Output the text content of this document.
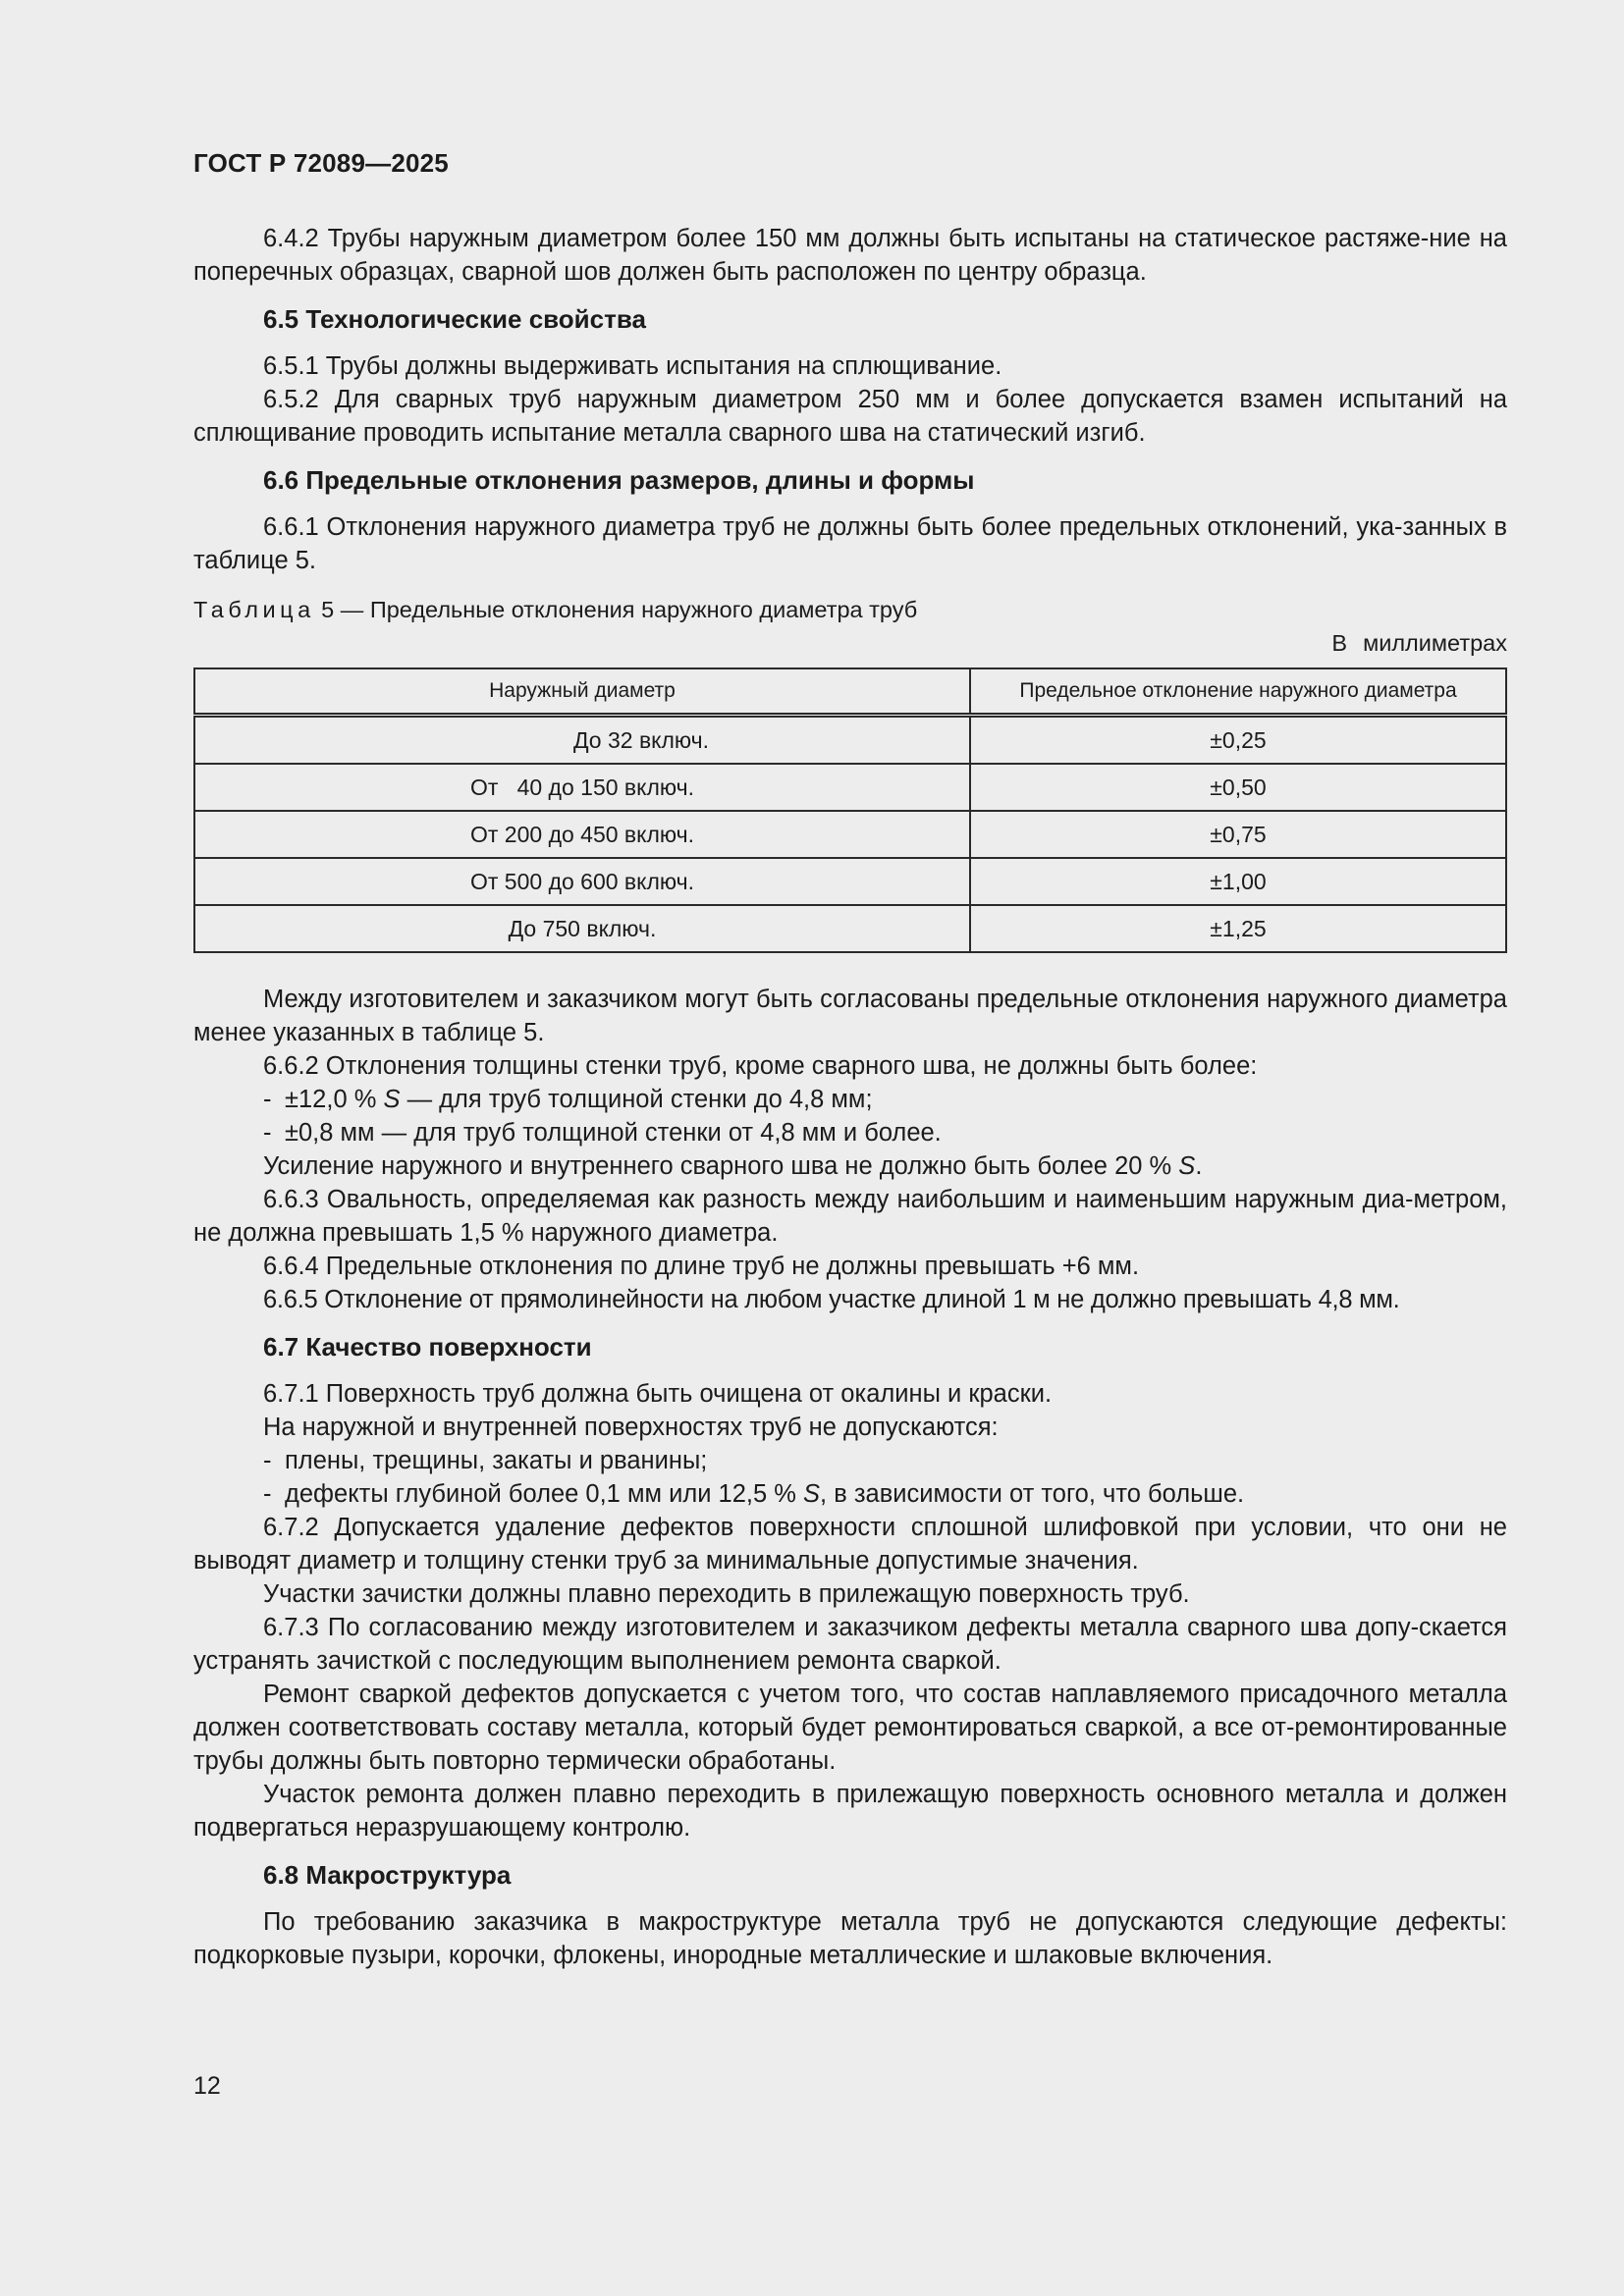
ГОСТ Р 72089—2025

6.4.2 Трубы наружным диаметром более 150 мм должны быть испытаны на статическое растяже-ние на поперечных образцах, сварной шов должен быть расположен по центру образца.

6.5 Технологические свойства

6.5.1 Трубы должны выдерживать испытания на сплющивание.

6.5.2 Для сварных труб наружным диаметром 250 мм и более допускается взамен испытаний на сплющивание проводить испытание металла сварного шва на статический изгиб.

6.6 Предельные отклонения размеров, длины и формы

6.6.1 Отклонения наружного диаметра труб не должны быть более предельных отклонений, ука-занных в таблице 5.

Таблица 5 — Предельные отклонения наружного диаметра труб

В миллиметрах
Наружный диаметр	Предельное отклонение наружного диаметра
До 32 включ.	±0,25
От   40 до 150 включ.	±0,50
От 200 до 450 включ.	±0,75
От 500 до 600 включ.	±1,00
До 750 включ.	±1,25

Между изготовителем и заказчиком могут быть согласованы предельные отклонения наружного диаметра менее указанных в таблице 5.

6.6.2 Отклонения толщины стенки труб, кроме сварного шва, не должны быть более:

- ±12,0 % S — для труб толщиной стенки до 4,8 мм;

- ±0,8 мм — для труб толщиной стенки от 4,8 мм и более.

Усиление наружного и внутреннего сварного шва не должно быть более 20 % S.

6.6.3 Овальность, определяемая как разность между наибольшим и наименьшим наружным диа-метром, не должна превышать 1,5 % наружного диаметра.

6.6.4 Предельные отклонения по длине труб не должны превышать +6 мм.

6.6.5 Отклонение от прямолинейности на любом участке длиной 1 м не должно превышать 4,8 мм.

6.7 Качество поверхности

6.7.1 Поверхность труб должна быть очищена от окалины и краски.

На наружной и внутренней поверхностях труб не допускаются:

- плены, трещины, закаты и рванины;

- дефекты глубиной более 0,1 мм или 12,5 % S, в зависимости от того, что больше.

6.7.2 Допускается удаление дефектов поверхности сплошной шлифовкой при условии, что они не выводят диаметр и толщину стенки труб за минимальные допустимые значения.

Участки зачистки должны плавно переходить в прилежащую поверхность труб.

6.7.3 По согласованию между изготовителем и заказчиком дефекты металла сварного шва допу-скается устранять зачисткой с последующим выполнением ремонта сваркой.

Ремонт сваркой дефектов допускается с учетом того, что состав наплавляемого присадочного металла должен соответствовать составу металла, который будет ремонтироваться сваркой, а все от-ремонтированные трубы должны быть повторно термически обработаны.

Участок ремонта должен плавно переходить в прилежащую поверхность основного металла и должен подвергаться неразрушающему контролю.

6.8 Макроструктура

По требованию заказчика в макроструктуре металла труб не допускаются следующие дефекты: подкорковые пузыри, корочки, флокены, инородные металлические и шлаковые включения.

12
